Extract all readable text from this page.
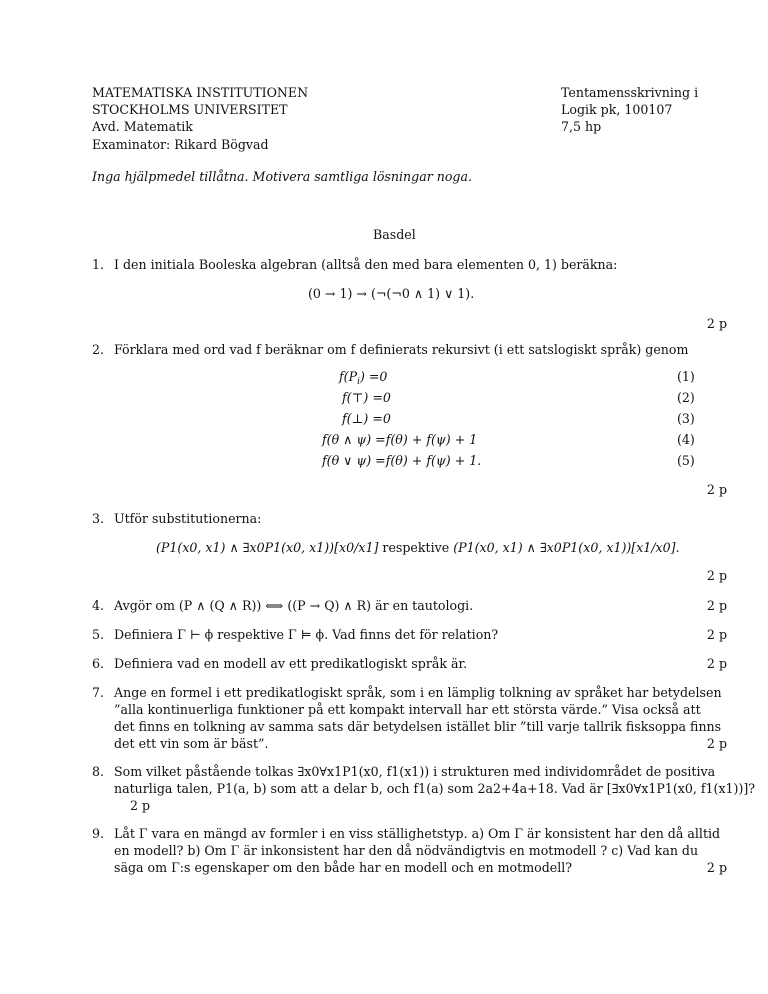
MATEMATISKA INSTITUTIONEN
STOCKHOLMS UNIVERSITET
Avd. Matematik
Examinator: Rikard Bögvad
Tentamensskrivning i
Logik pk, 100107
7,5 hp
Inga hjälpmedel tillåtna. Motivera samtliga lösningar noga.
Basdel
1. I den initiala Booleska algebran (alltså den med bara elementen 0, 1) beräkna:
(0 → 1) → (¬(¬0 ∧ 1) ∨ 1).
2 p
2. Förklara med ord vad f beräknar om f definierats rekursivt (i ett satslogiskt språk) genom
$f(P_i) =0$	(1)
f(⊤) =0	(2)
f(⊥) =0	(3)
f(θ ∧ ψ) =f(θ) + f(ψ) + 1	(4)
f(θ ∨ ψ) =f(θ) + f(ψ) + 1.	(5)
2 p
3. Utför substitutionerna:
(P1(x0, x1) ∧ ∃x0P1(x0, x1))[x0/x1] respektive (P1(x0, x1) ∧ ∃x0P1(x0, x1))[x1/x0].
2 p
4. Avgör om (P ∧ (Q ∧ R)) ⟺ ((P → Q) ∧ R) är en tautologi.	2 p
5. Definiera Γ ⊢ ϕ respektive Γ ⊨ ϕ. Vad finns det för relation?	2 p
6. Definiera vad en modell av ett predikatlogiskt språk är.	2 p
7. Ange en formel i ett predikatlogiskt språk, som i en lämplig tolkning av språket har betydelsen
”alla kontinuerliga funktioner på ett kompakt intervall har ett största värde.” Visa också att
det finns en tolkning av samma sats där betydelsen istället blir ”till varje tallrik fisksoppa finns
det ett vin som är bäst”.	2 p
8. Som vilket påstående tolkas ∃x0∀x1P1(x0, f1(x1)) i strukturen med individområdet de positiva
naturliga talen, P1(a, b) som att a delar b, och f1(a) som 2a2+4a+18. Vad är [∃x0∀x1P1(x0, f1(x1))]?
2 p
9. Låt Γ vara en mängd av formler i en viss ställighetstyp. a) Om Γ är konsistent har den då alltid
en modell? b) Om Γ är inkonsistent har den då nödvändigtvis en motmodell ? c) Vad kan du
säga om Γ:s egenskaper om den både har en modell och en motmodell?	2 p
